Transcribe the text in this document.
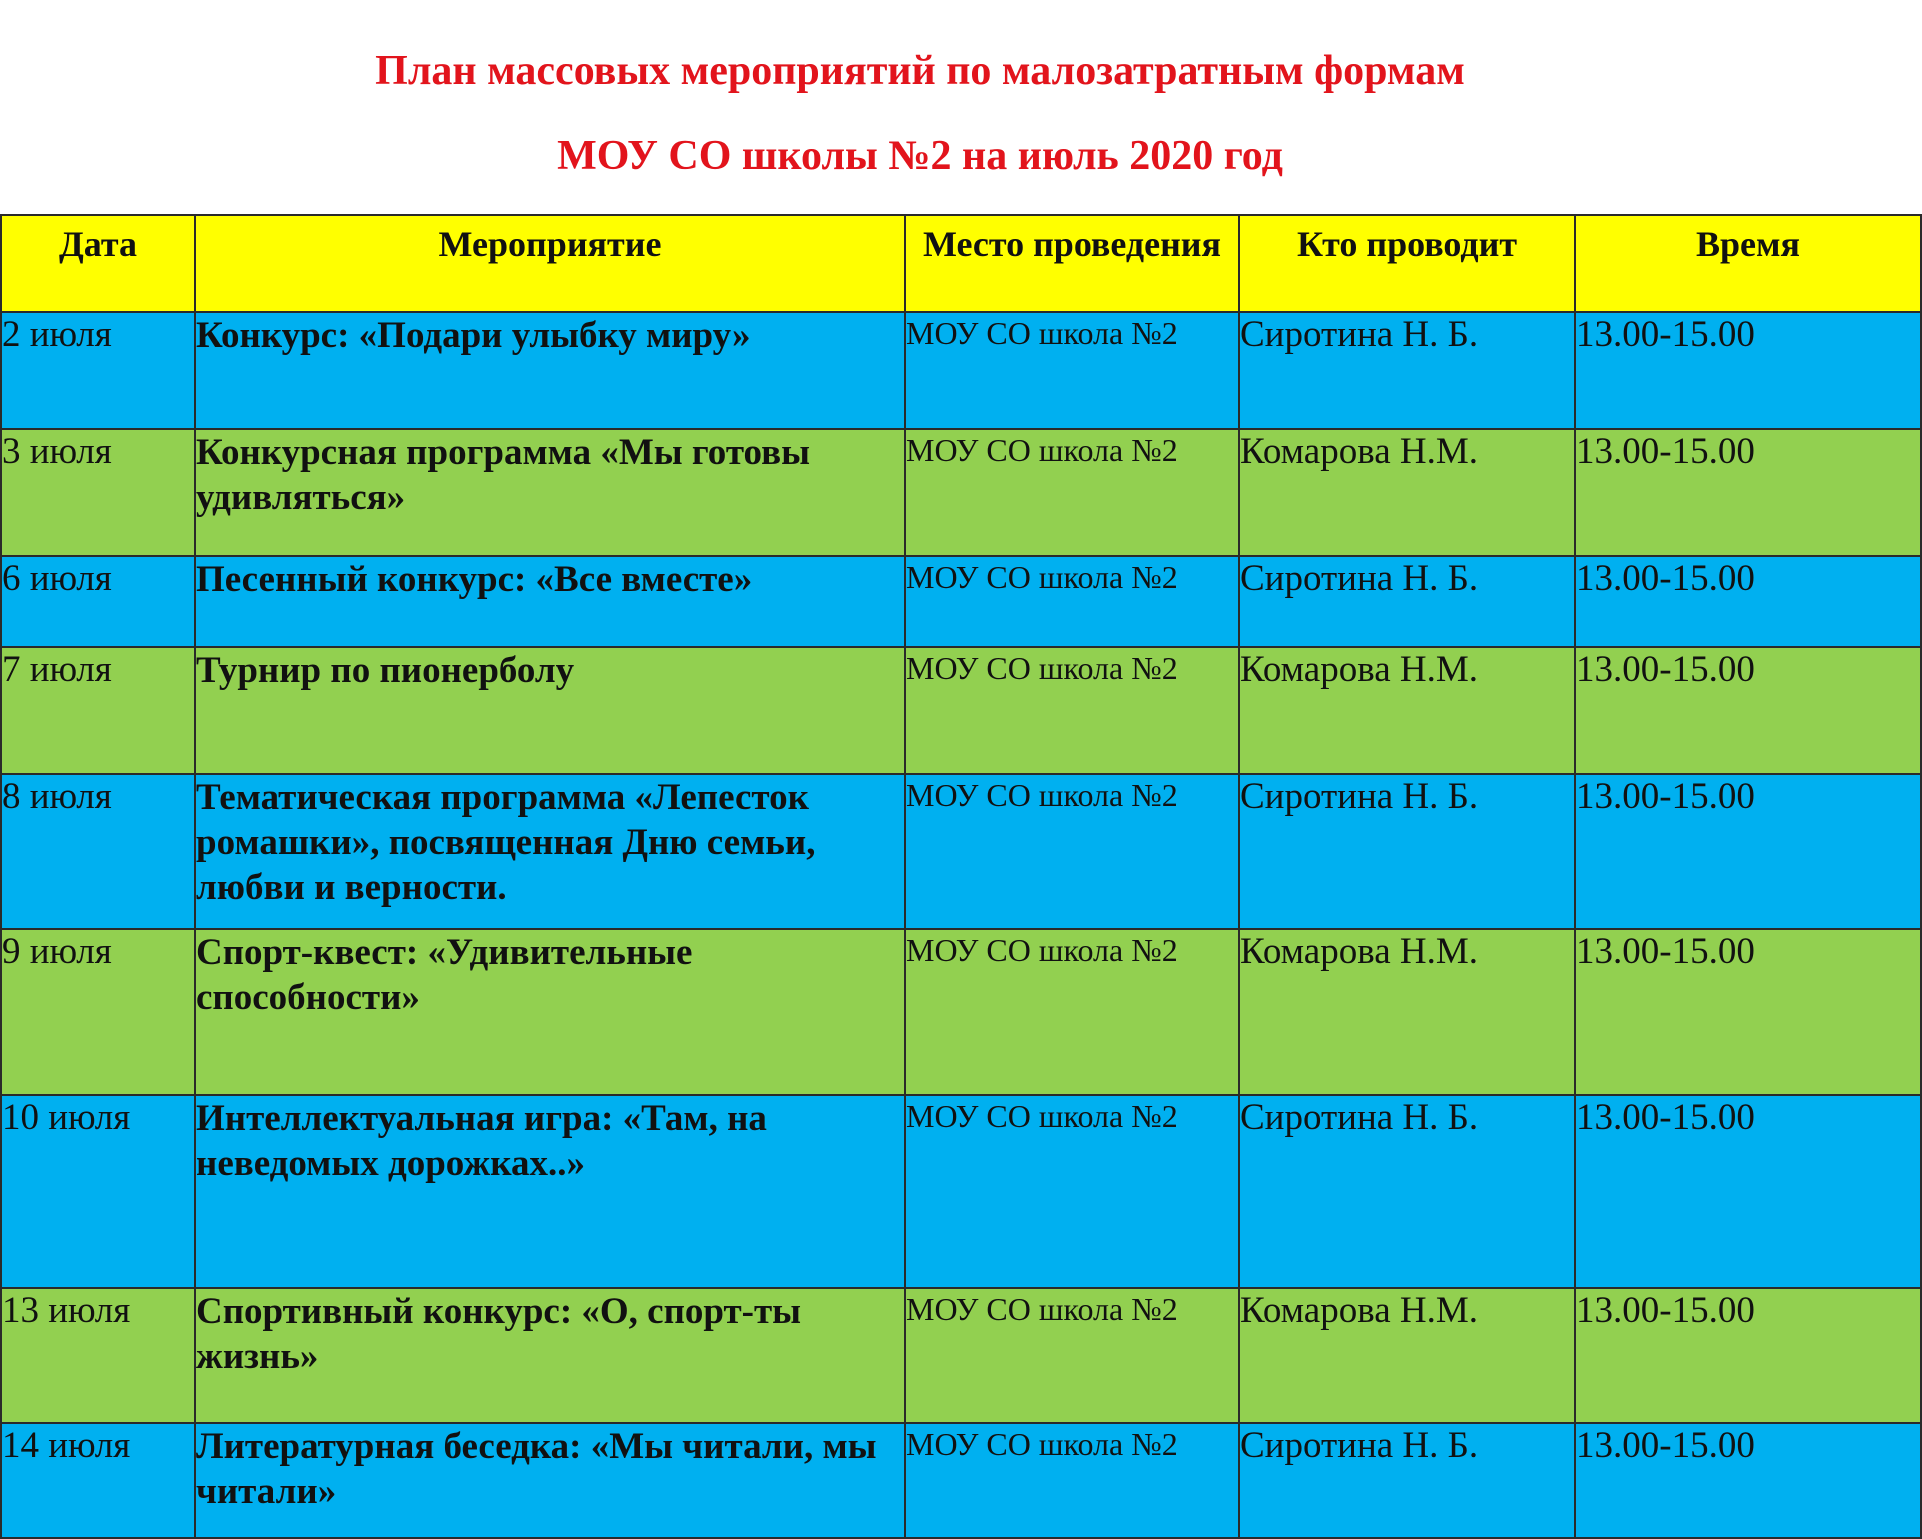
План массовых мероприятий по малозатратным формам
МОУ СО школы №2 на июль 2020 год
Дата	Мероприятие	Место проведения	Кто проводит	Время
2 июля	Конкурс: «Подари улыбку миру»	МОУ СО школа №2	Сиротина Н. Б.	13.00-15.00
3 июля	Конкурсная программа «Мы готовы удивляться»	МОУ СО школа №2	Комарова Н.М.	13.00-15.00
6 июля	Песенный конкурс: «Все вместе»	МОУ СО школа №2	Сиротина Н. Б.	13.00-15.00
7 июля	Турнир по пионерболу	МОУ СО школа №2	Комарова Н.М.	13.00-15.00
8 июля	Тематическая программа «Лепесток ромашки», посвященная Дню семьи, любви и верности.	МОУ СО школа №2	Сиротина Н. Б.	13.00-15.00
9 июля	Спорт-квест: «Удивительные способности»	МОУ СО школа №2	Комарова Н.М.	13.00-15.00
10 июля	Интеллектуальная игра: «Там, на неведомых дорожках..»	МОУ СО школа №2	Сиротина Н. Б.	13.00-15.00
13 июля	Спортивный конкурс: «О, спорт-ты жизнь»	МОУ СО школа №2	Комарова Н.М.	13.00-15.00
14 июля	Литературная беседка: «Мы читали, мы читали»	МОУ СО школа №2	Сиротина Н. Б.	13.00-15.00
